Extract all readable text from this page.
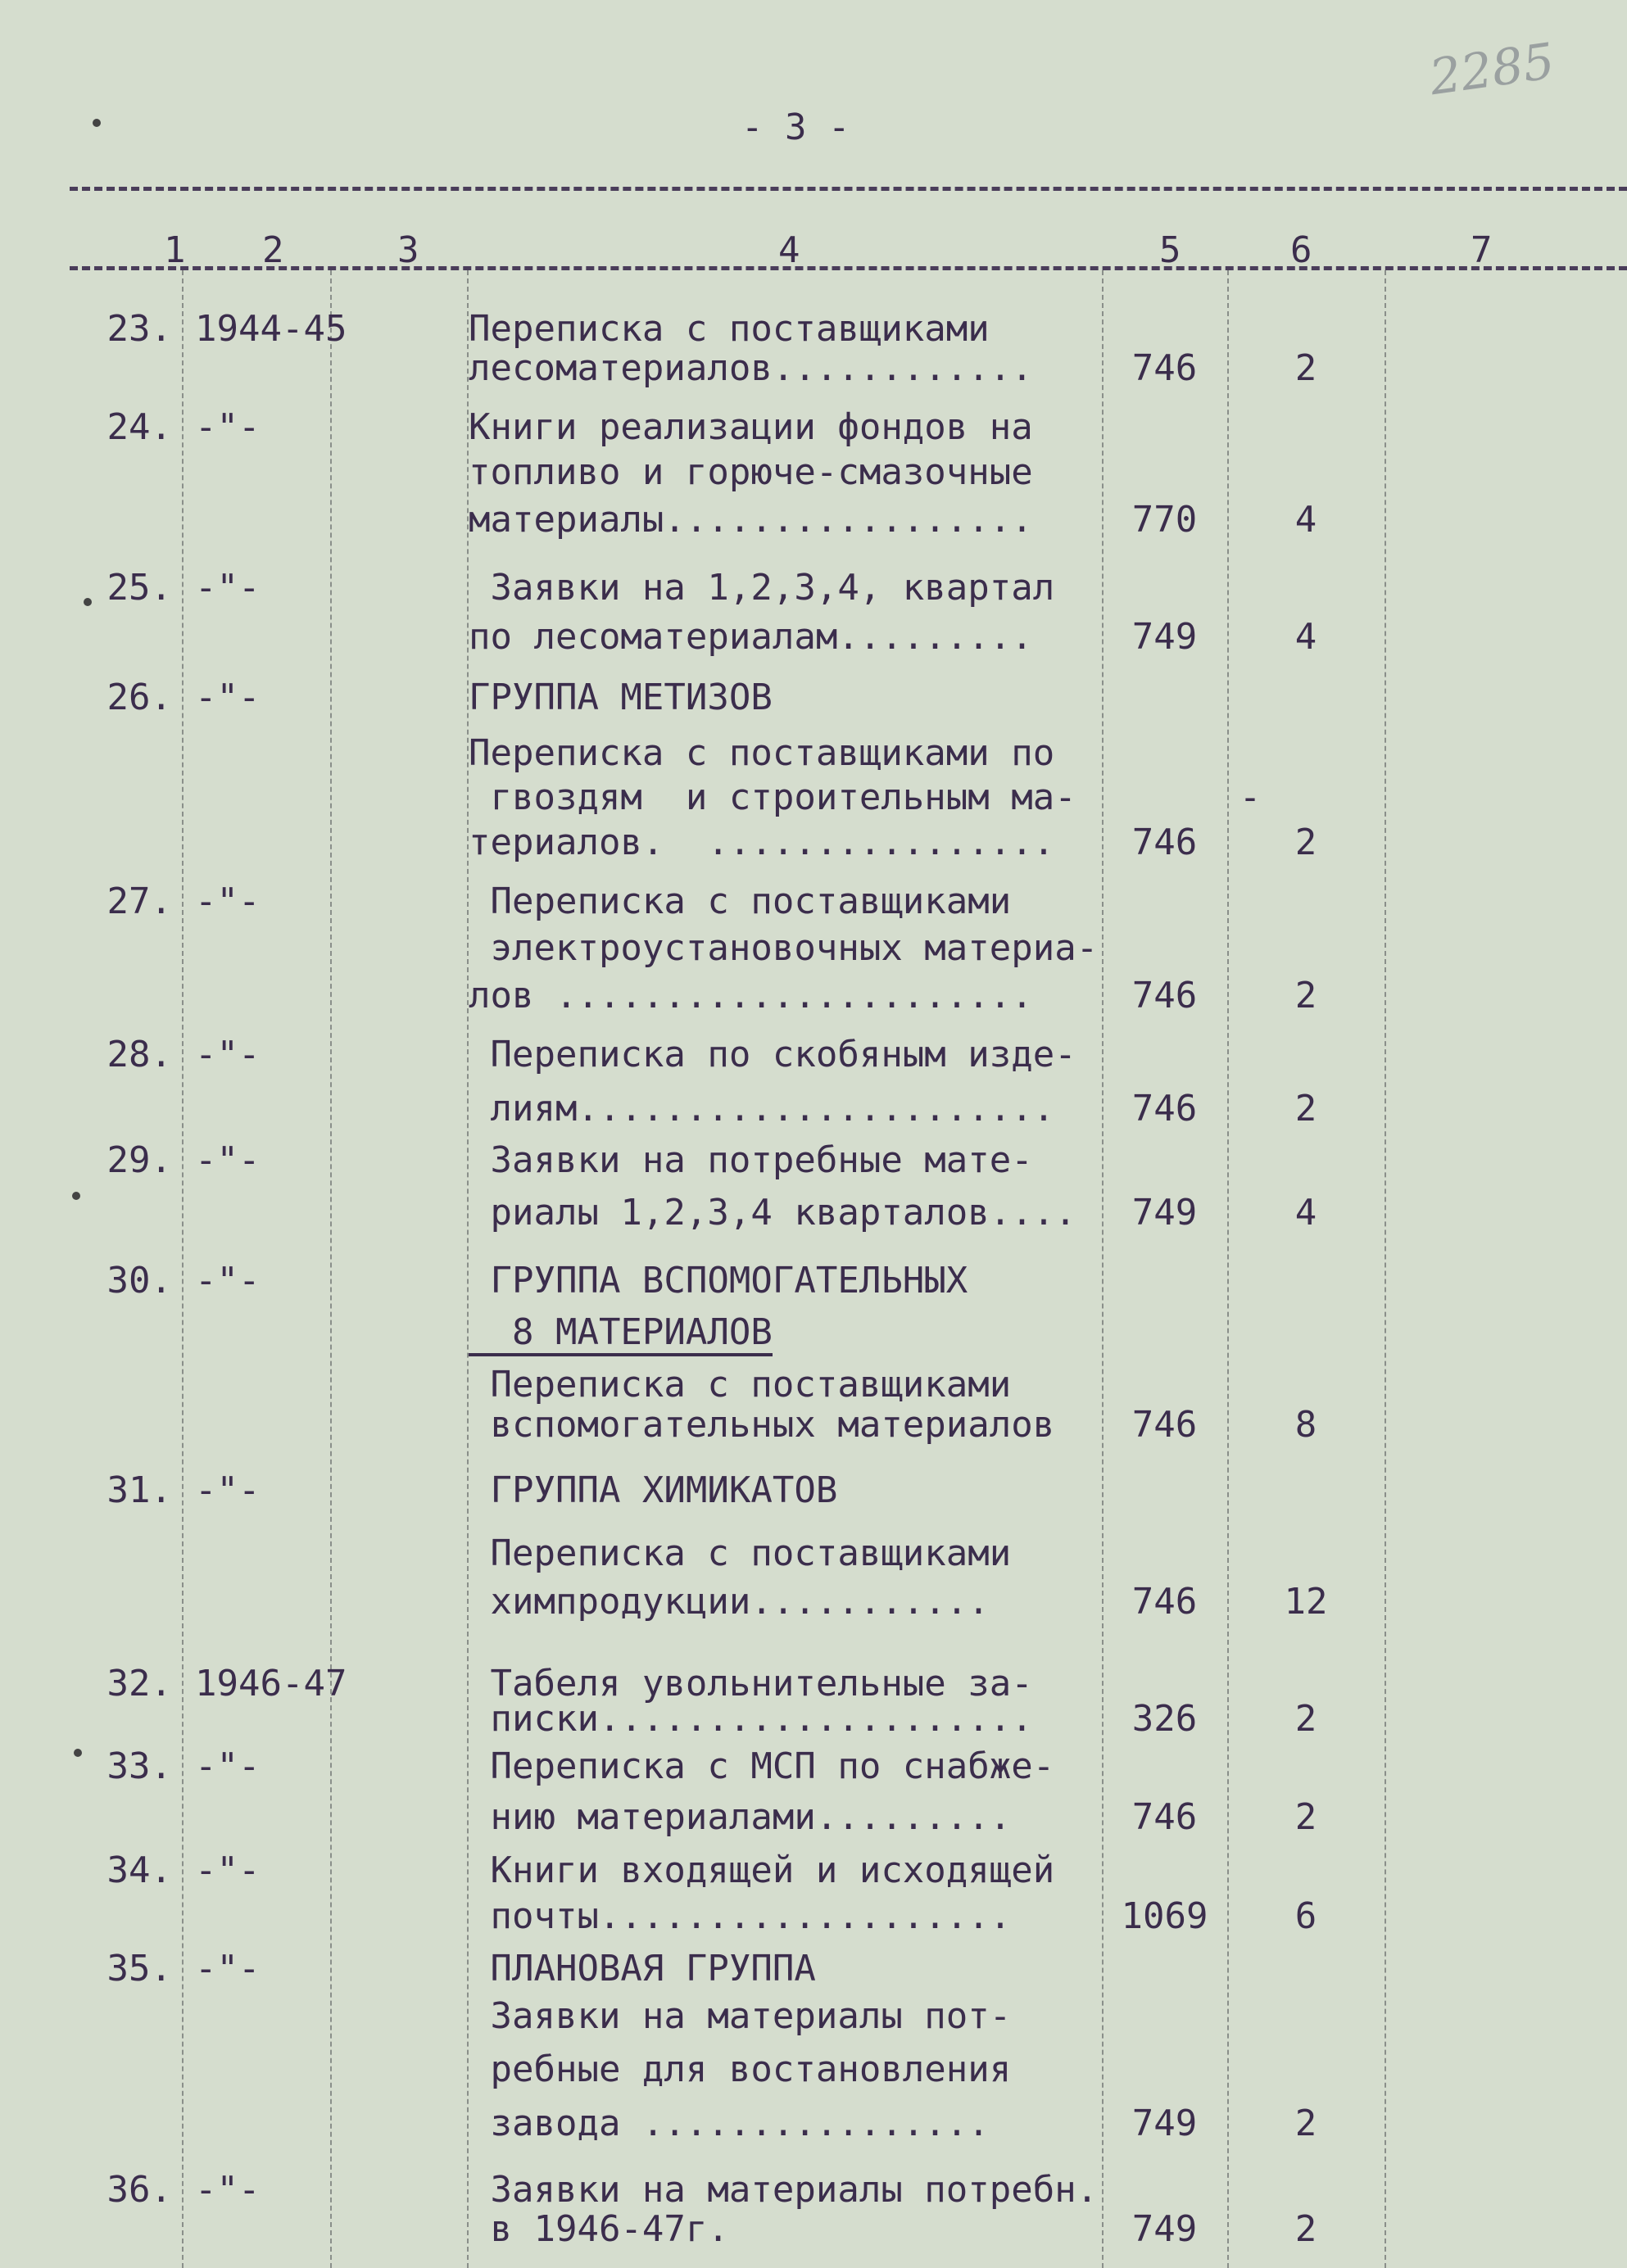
2285
- 3 -
1 2	3	4	5	6	7
23. 1944-45	Переписка с поставщиками
лесоматериалов............	746	2
24. -"-	Книги реализации фондов на
топливо и горюче-смазочные
материалы.................	770	4
25. -"-	Заявки на 1,2,3,4, квартал
по лесоматериалам.........	749	4
26. -"-	ГРУППА МЕТИЗОВ
Переписка с поставщиками по
гвоздям  и строительным ма-
териалов.  ................	746	2
-
27. -"-	Переписка с поставщиками
электроустановочных материа-
лов ......................	746	2
28. -"-	Переписка по скобяным изде-
лиям......................	746	2
29. -"-	Заявки на потребные мате-
риалы 1,2,3,4 кварталов....	749	4
30. -"-	ГРУППА ВСПОМОГАТЕЛЬНЫХ
8 МАТЕРИАЛОВ
Переписка с поставщиками
вспомогательных материалов	746	8
31. -"-	ГРУППА ХИМИКАТОВ
Переписка с поставщиками
химпродукции...........	746	12
32. 1946-47	Табеля увольнительные за-
писки....................	326	2
33. -"-	Переписка с МСП по снабже-
нию материалами.........	746	2
34. -"-	Книги входящей и исходящей
почты...................	1069	6
35. -"-	ПЛАНОВАЯ ГРУППА
Заявки на материалы пот-
ребные для востановления
завода ................	749	2
36. -"-	Заявки на материалы потребн.
в 1946-47г.	749	2
